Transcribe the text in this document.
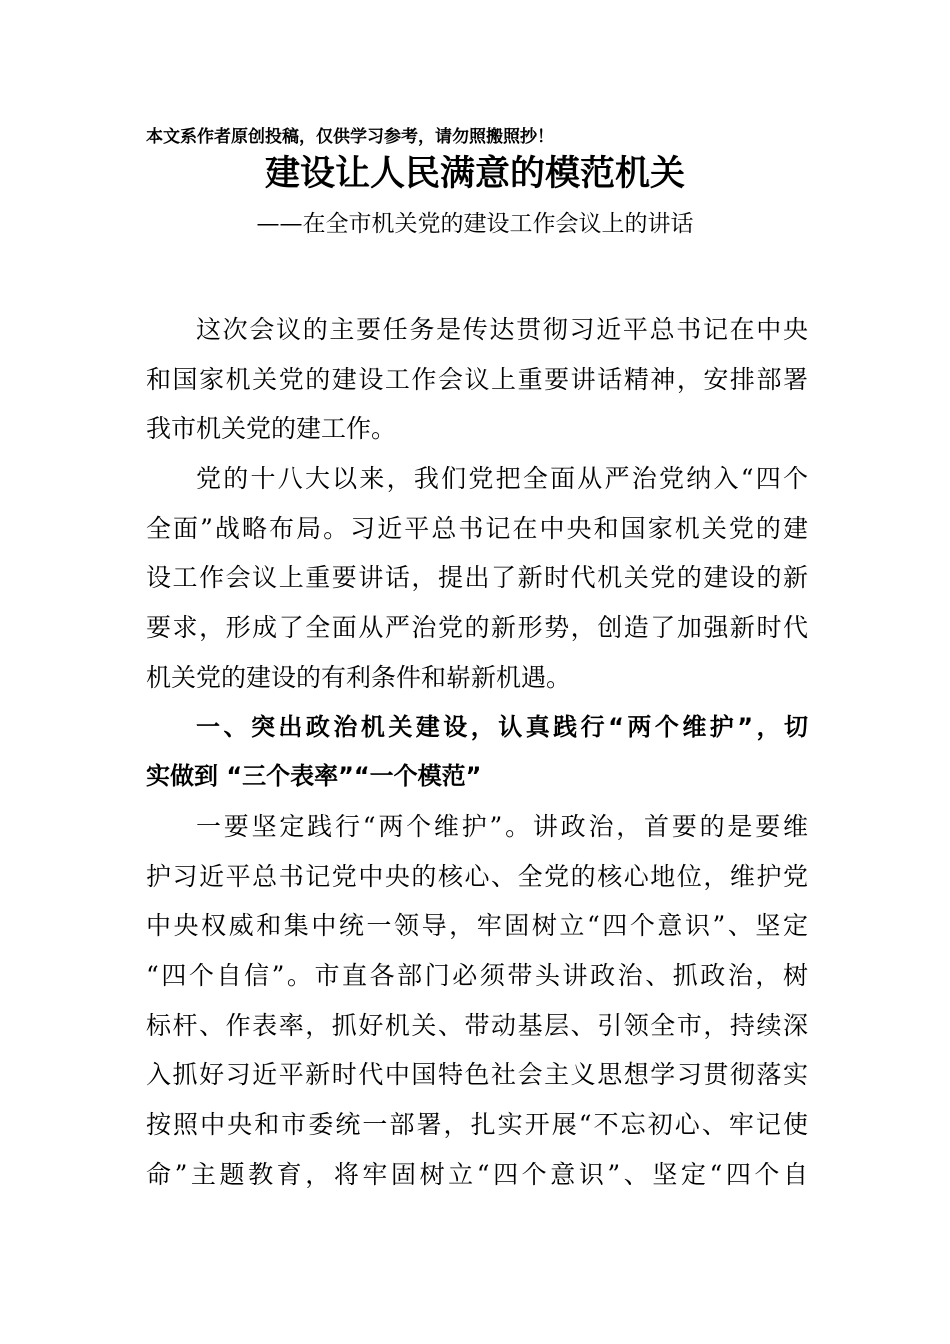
本文系作者原创投稿，仅供学习参考，请勿照搬照抄！
建设让人民满意的模范机关
——在全市机关党的建设工作会议上的讲话
这次会议的主要任务是传达贯彻习近平总书记在中央
和国家机关党的建设工作会议上重要讲话精神，安排部署
我市机关党的建工作。
党的十八大以来，我们党把全面从严治党纳入“四个
全面”战略布局。习近平总书记在中央和国家机关党的建
设工作会议上重要讲话，提出了新时代机关党的建设的新
要求，形成了全面从严治党的新形势，创造了加强新时代
机关党的建设的有利条件和崭新机遇。
一、突出政治机关建设，认真践行“两个维护”，切
实做到 “三个表率”“一个模范”
一要坚定践行“两个维护”。讲政治，首要的是要维
护习近平总书记党中央的核心、全党的核心地位，维护党
中央权威和集中统一领导，牢固树立“四个意识”、坚定
“四个自信”。市直各部门必须带头讲政治、抓政治，树
标杆、作表率，抓好机关、带动基层、引领全市，持续深
入抓好习近平新时代中国特色社会主义思想学习贯彻落实
按照中央和市委统一部署，扎实开展“不忘初心、牢记使
命”主题教育，将牢固树立“四个意识”、坚定“四个自
